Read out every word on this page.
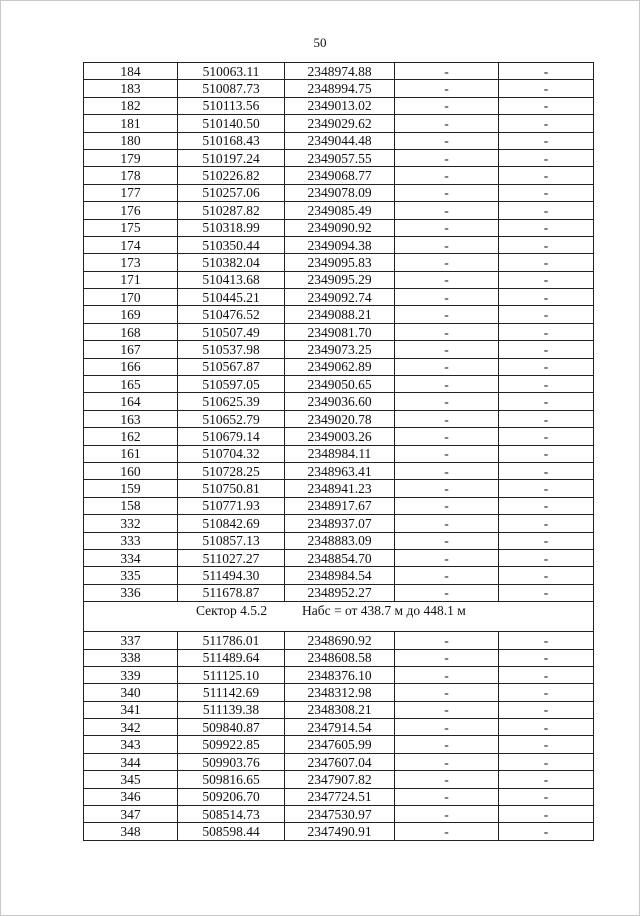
50
184	510063.11	2348974.88	-	-
183	510087.73	2348994.75	-	-
182	510113.56	2349013.02	-	-
181	510140.50	2349029.62	-	-
180	510168.43	2349044.48	-	-
179	510197.24	2349057.55	-	-
178	510226.82	2349068.77	-	-
177	510257.06	2349078.09	-	-
176	510287.82	2349085.49	-	-
175	510318.99	2349090.92	-	-
174	510350.44	2349094.38	-	-
173	510382.04	2349095.83	-	-
171	510413.68	2349095.29	-	-
170	510445.21	2349092.74	-	-
169	510476.52	2349088.21	-	-
168	510507.49	2349081.70	-	-
167	510537.98	2349073.25	-	-
166	510567.87	2349062.89	-	-
165	510597.05	2349050.65	-	-
164	510625.39	2349036.60	-	-
163	510652.79	2349020.78	-	-
162	510679.14	2349003.26	-	-
161	510704.32	2348984.11	-	-
160	510728.25	2348963.41	-	-
159	510750.81	2348941.23	-	-
158	510771.93	2348917.67	-	-
332	510842.69	2348937.07	-	-
333	510857.13	2348883.09	-	-
334	511027.27	2348854.70	-	-
335	511494.30	2348984.54	-	-
336	511678.87	2348952.27	-	-

Сектор 4.5.2 Набс = от 438.7 м до 448.1 м				

337	511786.01	2348690.92	-	-
338	511489.64	2348608.58	-	-
339	511125.10	2348376.10	-	-
340	511142.69	2348312.98	-	-
341	511139.38	2348308.21	-	-
342	509840.87	2347914.54	-	-
343	509922.85	2347605.99	-	-
344	509903.76	2347607.04	-	-
345	509816.65	2347907.82	-	-
346	509206.70	2347724.51	-	-
347	508514.73	2347530.97	-	-
348	508598.44	2347490.91	-	-
